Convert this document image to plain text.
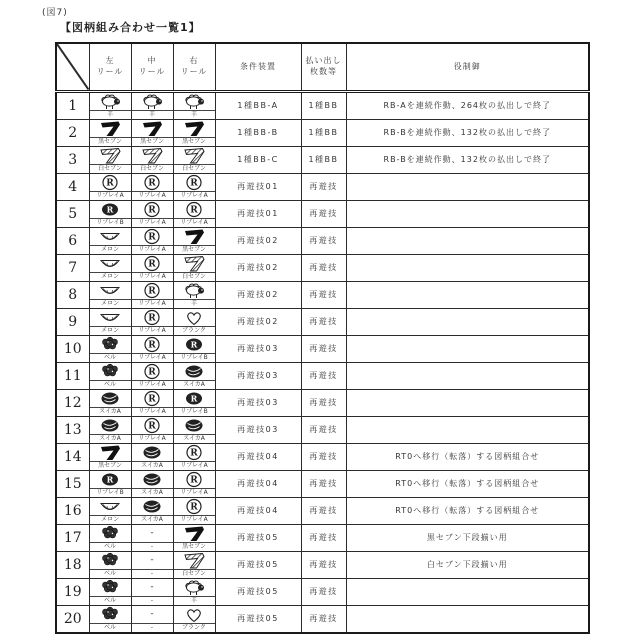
(図7)
【図柄組み合わせ一覧1】

左
リール

中
リール

右
リール

条件装置

払い出し
枚数等

役制御

1	羊	羊	羊	1種BB-A	1種BB	RB-Aを連続作動、264枚の払出しで終了
2	黒セブン	黒セブン	黒セブン	1種BB-B	1種BB	RB-Bを連続作動、132枚の払出しで終了
3	白セブン	白セブン	白セブン	1種BB-C	1種BB	RB-Bを連続作動、132枚の払出しで終了
4	R
リプレイA

R
リプレイA

R
リプレイA
	再遊技01	再遊技	
5	R
リプレイB

R
リプレイA

R
リプレイA
	再遊技01	再遊技	
6	メロン	R
リプレイA	黒セブン	再遊技02	再遊技	
7	メロン	R
リプレイA	白セブン	再遊技02	再遊技	
8	メロン	R
リプレイA	羊	再遊技02	再遊技	
9	メロン	R
リプレイA	ブランク	再遊技02	再遊技	
10	
ベル

R
リプレイA

R
リプレイB
	再遊技03	再遊技	
11	ベル	R
リプレイA	スイカA	再遊技03	再遊技	
12	
スイカA

R
リプレイA

R
リプレイB
	再遊技03	再遊技	
13	スイカA	R
リプレイA	スイカA	再遊技03	再遊技	
14	黒セブン	スイカA	R
リプレイA	再遊技04	再遊技	RT0へ移行（転落）する図柄組合せ
15	R
リプレイB	スイカA

R
リプレイA
	再遊技04	再遊技	RT0へ移行（転落）する図柄組合せ
16	メロン	スイカA	R
リプレイA	再遊技04	再遊技	RT0へ移行（転落）する図柄組合せ
17	ベル	-
-	黒セブン	再遊技05	再遊技	黒セブン下段揃い用
18	ベル	-
-	白セブン	再遊技05	再遊技	白セブン下段揃い用
19	ベル	-
-	羊	再遊技05	再遊技	
20	ベル	-
-	ブランク	再遊技05	再遊技	
